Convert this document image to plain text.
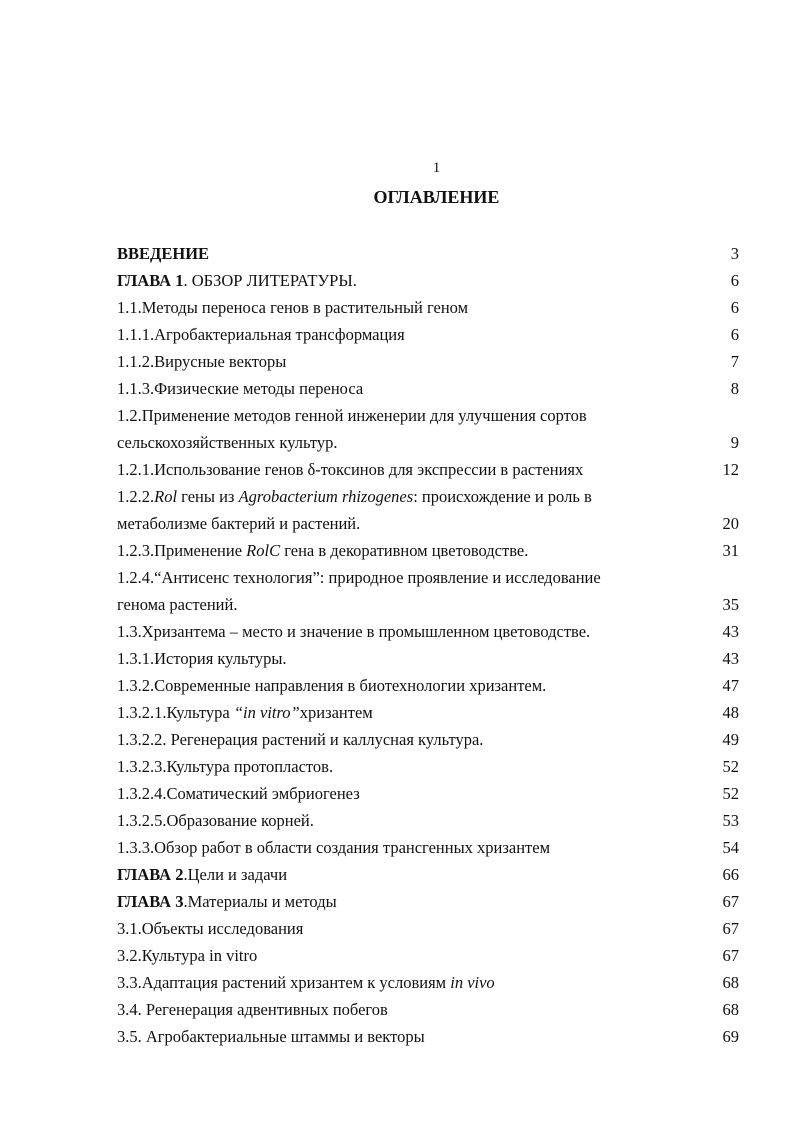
1
ОГЛАВЛЕНИЕ
ВВЕДЕНИЕ	3
ГЛАВА 1. ОБЗОР ЛИТЕРАТУРЫ.	6
1.1.Методы переноса генов в растительный геном	6
1.1.1.Агробактериальная трансформация	6
1.1.2.Вирусные векторы	7
1.1.3.Физические методы переноса	8
1.2.Применение методов генной инженерии для улучшения сортов
сельскохозяйственных культур.	9
1.2.1.Использование генов δ-токсинов для экспрессии в растениях	12
1.2.2.Rol гены из Agrobacterium rhizogenes: происхождение и роль в
метаболизме бактерий и растений.	20
1.2.3.Применение RolC гена в декоративном цветоводстве.	31
1.2.4.“Антисенс технология”: природное проявление и исследование
генома растений.	35
1.3.Хризантема – место и значение в промышленном цветоводстве.	43
1.3.1.История культуры.	43
1.3.2.Современные направления в биотехнологии хризантем.	47
1.3.2.1.Культура “in vitro”хризантем	48
1.3.2.2. Регенерация растений и каллусная культура.	49
1.3.2.3.Культура протопластов.	52
1.3.2.4.Соматический эмбриогенез	52
1.3.2.5.Образование корней.	53
1.3.3.Обзор работ в области создания трансгенных хризантем	54
ГЛАВА 2.Цели и задачи	66
ГЛАВА 3.Материалы и методы	67
3.1.Объекты исследования	67
3.2.Культура in vitro	67
3.3.Адаптация растений хризантем к условиям in vivo	68
3.4. Регенерация адвентивных побегов	68
3.5. Агробактериальные штаммы и векторы	69
